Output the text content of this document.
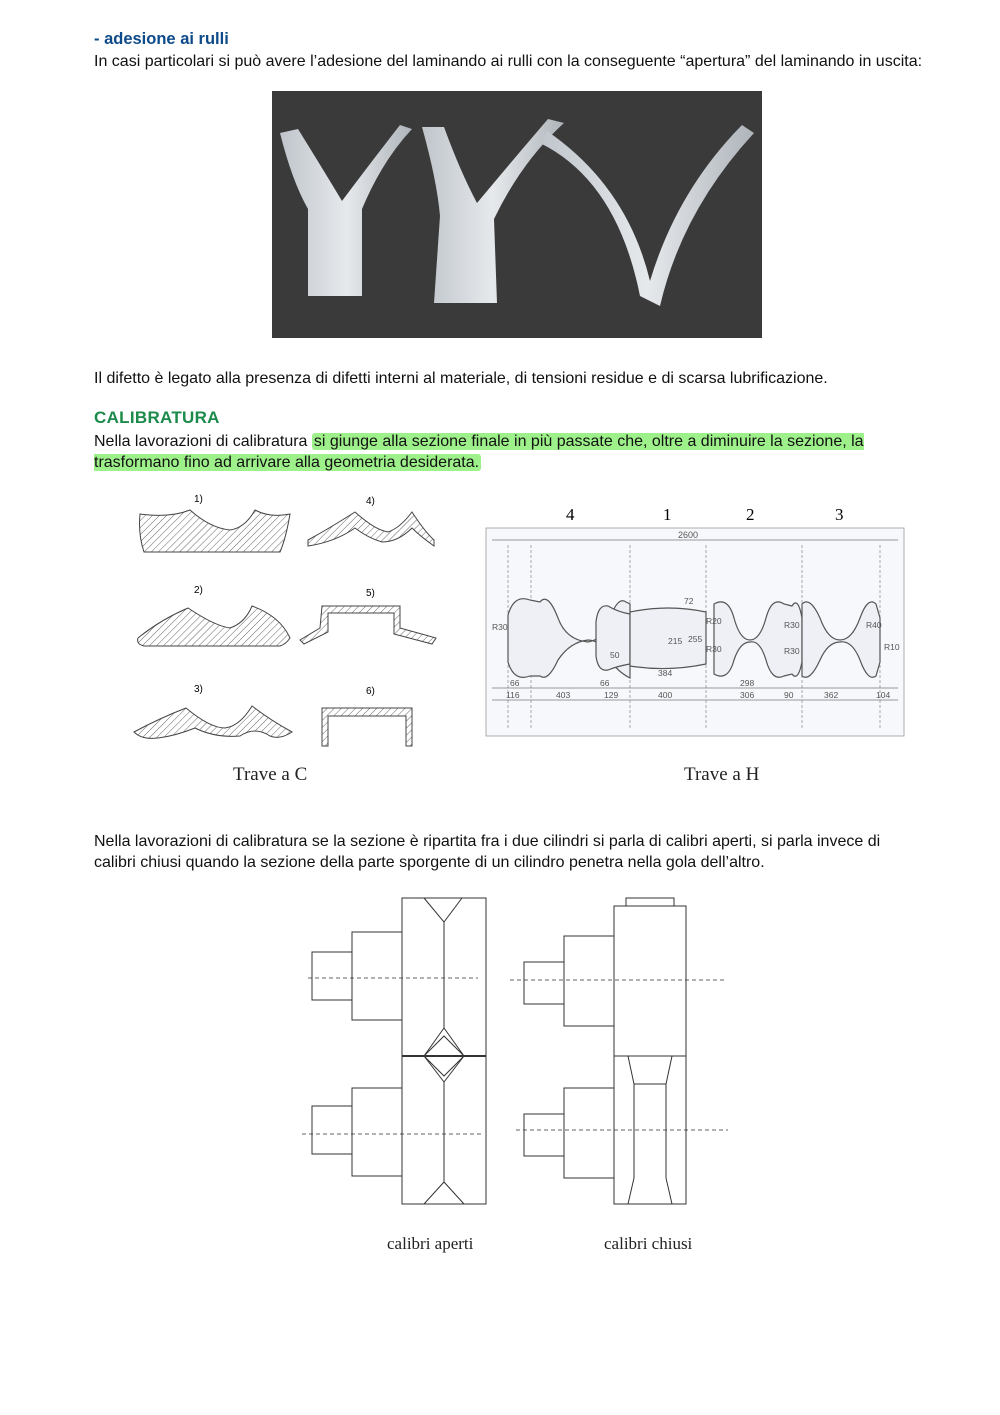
- adesione ai rulli
In casi particolari si può avere l’adesione del laminando ai rulli con la conseguente “apertura” del laminando in uscita:
Il difetto è legato alla presenza di difetti interni al materiale, di tensioni residue e di scarsa lubrificazione.
CALIBRATURA
Nella lavorazioni di calibratura si giunge alla sezione finale in più passate che, oltre a diminuire la sezione, la trasformano fino ad arrivare alla geometria desiderata.
1)
2)
3)
4)
5)
6)
Trave a C
4	1	2	3
2600
66
116	403
66
129	400
384
306
298
90	362	104
72
215 255
50
R20
R30
R30
R30
R40
R10
R30
Trave a H
Nella lavorazioni di calibratura se la sezione è ripartita fra i due cilindri si parla di calibri aperti, si parla invece di calibri chiusi quando la sezione della parte sporgente di un cilindro penetra nella gola dell’altro.
calibri aperti	calibri chiusi
